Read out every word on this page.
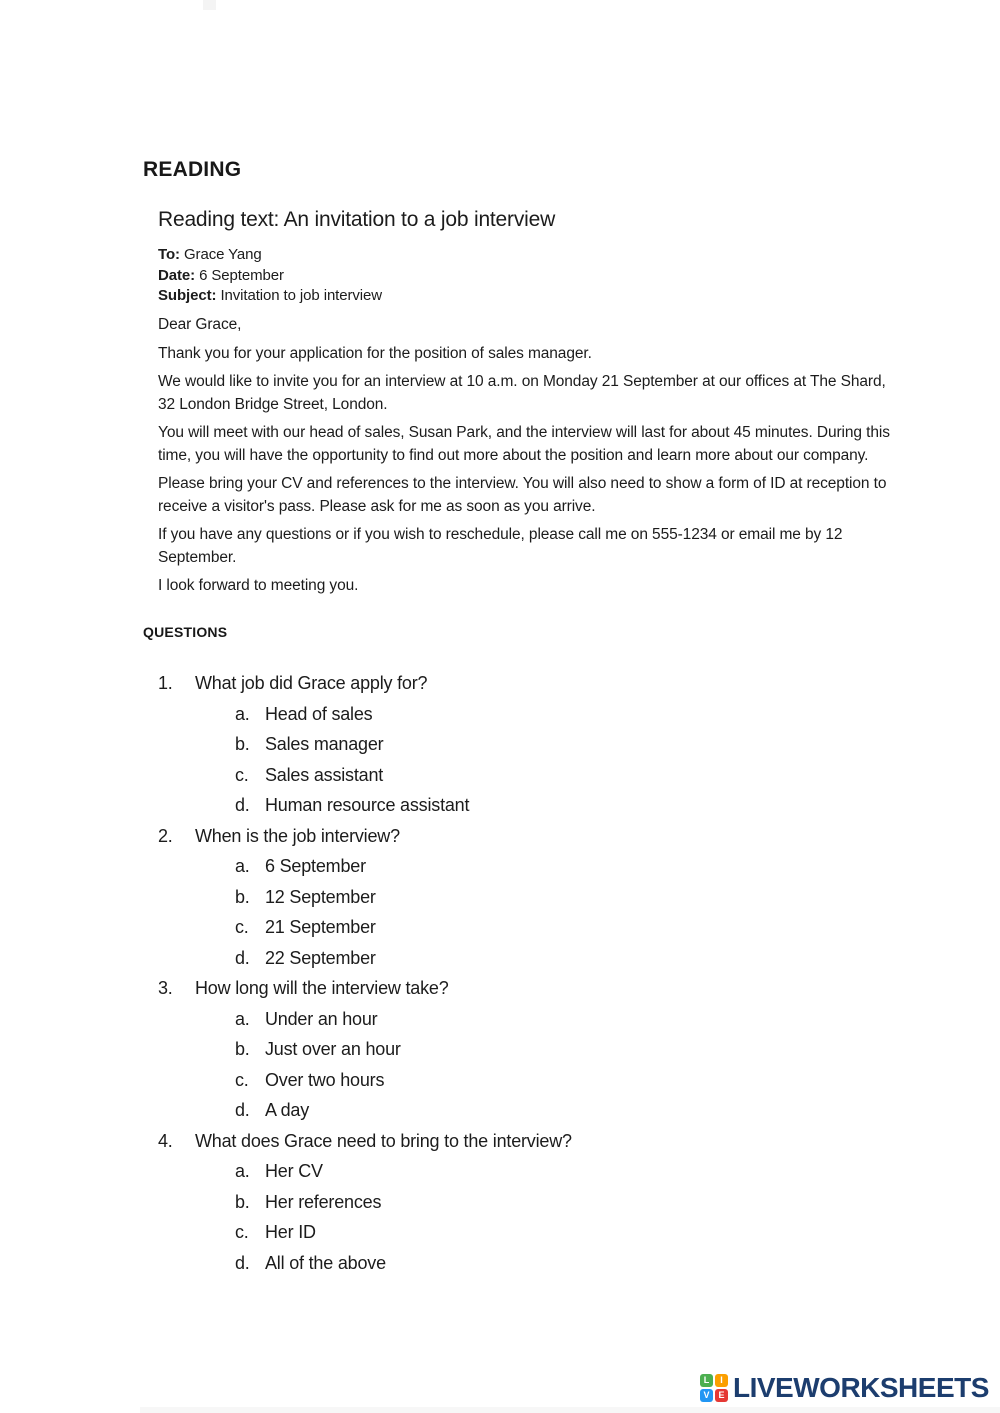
READING
Reading text: An invitation to a job interview
To: Grace Yang
Date: 6 September
Subject: Invitation to job interview

Dear Grace,

Thank you for your application for the position of sales manager.

We would like to invite you for an interview at 10 a.m. on Monday 21 September at our offices at The Shard, 32 London Bridge Street, London.

You will meet with our head of sales, Susan Park, and the interview will last for about 45 minutes. During this time, you will have the opportunity to find out more about the position and learn more about our company.

Please bring your CV and references to the interview. You will also need to show a form of ID at reception to receive a visitor's pass. Please ask for me as soon as you arrive.

If you have any questions or if you wish to reschedule, please call me on 555-1234 or email me by 12 September.

I look forward to meeting you.

QUESTIONS
1. What job did Grace apply for?
a. Head of sales
b. Sales manager
c. Sales assistant
d. Human resource assistant
2. When is the job interview?
a. 6 September
b. 12 September
c. 21 September
d. 22 September
3. How long will the interview take?
a. Under an hour
b. Just over an hour
c. Over two hours
d. A day
4. What does Grace need to bring to the interview?
a. Her CV
b. Her references
c. Her ID
d. All of the above
L	I
V E LIVEWORKSHEETS
